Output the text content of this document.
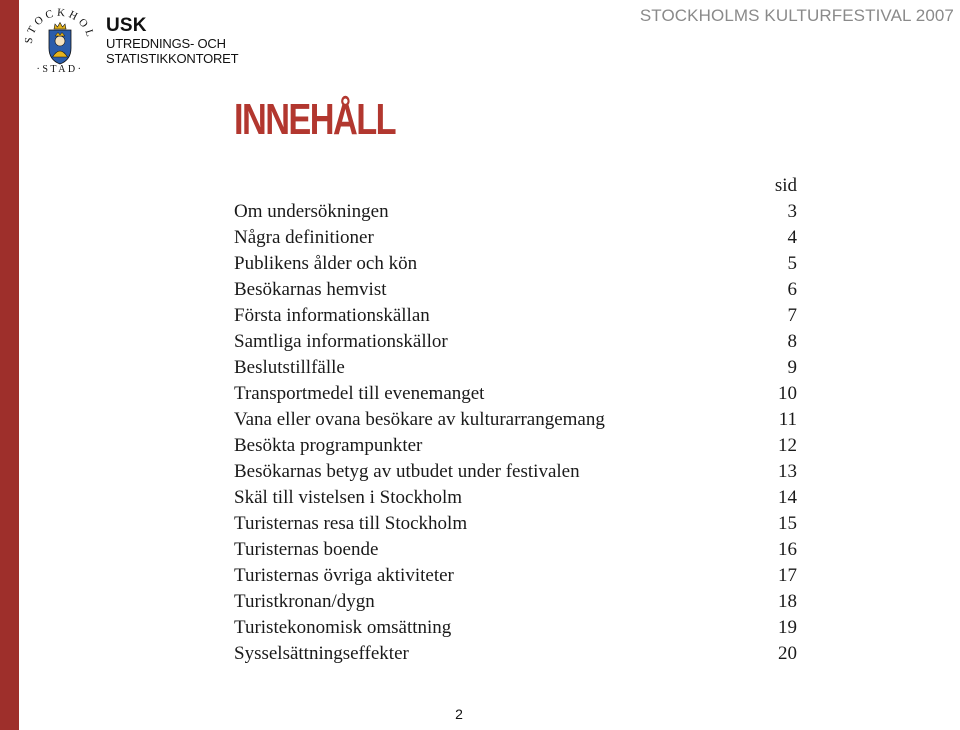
STOCKHOL
·STAD·
USK
UTREDNINGS- OCH
STATISTIKKONTORET
STOCKHOLMS KULTURFESTIVAL 2007
INNEHÅLL
sid
Om undersökningen	3
Några definitioner	4
Publikens ålder och kön	5
Besökarnas hemvist	6
Första informationskällan	7
Samtliga informationskällor	8
Beslutstillfälle	9
Transportmedel till evenemanget	10
Vana eller ovana besökare av kulturarrangemang	11
Besökta programpunkter	12
Besökarnas betyg av utbudet under festivalen	13
Skäl till vistelsen i Stockholm	14
Turisternas resa till Stockholm	15
Turisternas boende	16
Turisternas övriga aktiviteter	17
Turistkronan/dygn	18
Turistekonomisk omsättning	19
Sysselsättningseffekter	20
2
